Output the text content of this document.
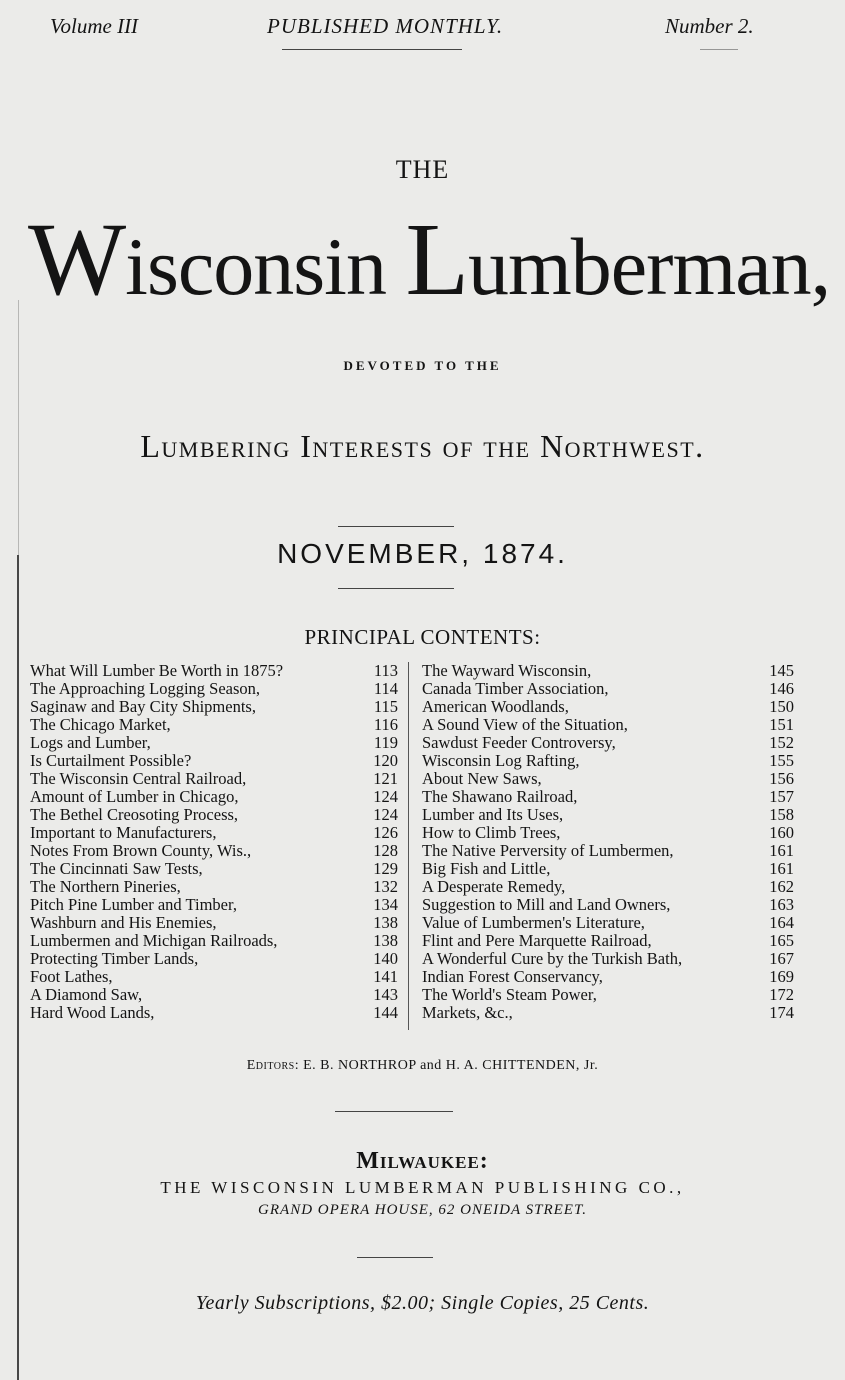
Volume III	PUBLISHED MONTHLY.	Number 2.
THE
Wisconsin Lumberman,
DEVOTED TO THE
Lumbering Interests of the Northwest.
NOVEMBER, 1874.
PRINCIPAL CONTENTS:
What Will Lumber Be Worth in 1875?	113
The Approaching Logging Season,	114
Saginaw and Bay City Shipments,	115
The Chicago Market,	116
Logs and Lumber,	119
Is Curtailment Possible?	120
The Wisconsin Central Railroad,	121
Amount of Lumber in Chicago,	124
The Bethel Creosoting Process,	124
Important to Manufacturers,	126
Notes From Brown County, Wis.,	128
The Cincinnati Saw Tests,	129
The Northern Pineries,	132
Pitch Pine Lumber and Timber,	134
Washburn and His Enemies,	138
Lumbermen and Michigan Railroads,	138
Protecting Timber Lands,	140
Foot Lathes,	141
A Diamond Saw,	143
Hard Wood Lands,	144
The Wayward Wisconsin,	145
Canada Timber Association,	146
American Woodlands,	150
A Sound View of the Situation,	151
Sawdust Feeder Controversy,	152
Wisconsin Log Rafting,	155
About New Saws,	156
The Shawano Railroad,	157
Lumber and Its Uses,	158
How to Climb Trees,	160
The Native Perversity of Lumbermen,	161
Big Fish and Little,	161
A Desperate Remedy,	162
Suggestion to Mill and Land Owners,	163
Value of Lumbermen's Literature,	164
Flint and Pere Marquette Railroad,	165
A Wonderful Cure by the Turkish Bath,	167
Indian Forest Conservancy,	169
The World's Steam Power,	172
Markets, &c.,	174
Editors: E. B. NORTHROP and H. A. CHITTENDEN, Jr.
Milwaukee:
THE WISCONSIN LUMBERMAN PUBLISHING CO.,
GRAND OPERA HOUSE, 62 ONEIDA STREET.
Yearly Subscriptions, $2.00; Single Copies, 25 Cents.
